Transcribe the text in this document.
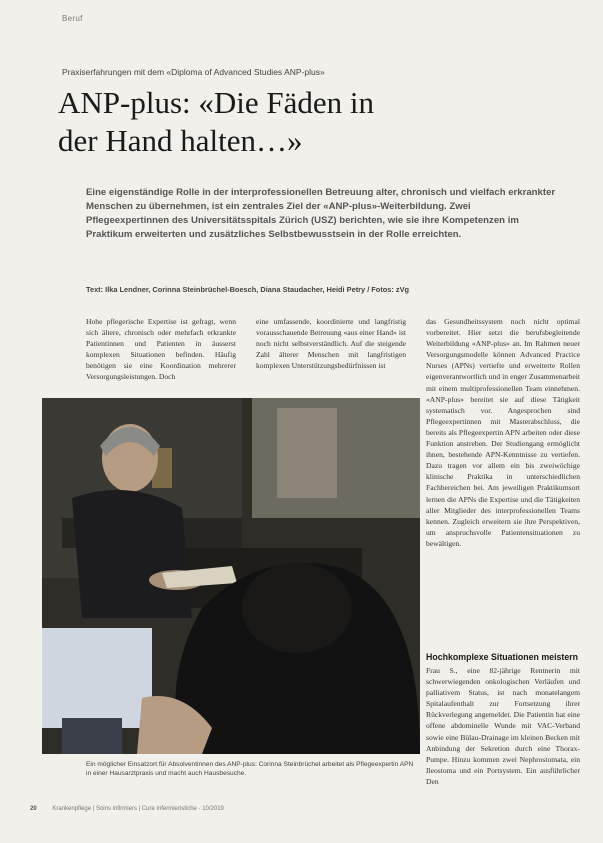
Beruf
Praxiserfahrungen mit dem «Diploma of Advanced Studies ANP-plus»
ANP-plus: «Die Fäden in
der Hand halten…»
Eine eigenständige Rolle in der interprofessionellen Betreuung alter, chronisch und vielfach erkrankter Menschen zu übernehmen, ist ein zentrales Ziel der «ANP-plus»-Weiterbildung. Zwei Pflegeexpertinnen des Universitätsspitals Zürich (USZ) berichten, wie sie ihre Kompetenzen im Praktikum erweiterten und zusätzliches Selbstbewusstsein in der Rolle erreichten.
Text: Ilka Lendner, Corinna Steinbrüchel-Boesch, Diana Staudacher, Heidi Petry / Fotos: zVg
Hohe pflegerische Expertise ist gefragt, wenn sich ältere, chronisch oder mehrfach erkrankte Patientinnen und Patienten in äusserst komplexen Situationen befinden. Häufig benötigen sie eine Koordination mehrerer Versorgungsleistungen. Doch
eine umfassende, koordinierte und langfristig vorausschauende Betreuung «aus einer Hand» ist noch nicht selbstverständlich. Auf die steigende Zahl älterer Menschen mit langfristigen komplexen Unterstützungsbedürfnissen ist
das Gesundheitssystem noch nicht optimal vorbereitet. Hier setzt die berufsbegleitende Weiterbildung «ANP-plus» an. Im Rahmen neuer Versorgungsmodelle können Advanced Practice Nurses (APNs) vertiefte und erweiterte Rollen eigenverantwortlich und in enger Zusammenarbeit mit einem multiprofessionellen Team einnehmen. «ANP-plus» bereitet sie auf diese Tätigkeit systematisch vor. Angesprochen sind Pflegeexpertinnen mit Masterabschluss, die bereits als Pflegeexpertin APN arbeiten oder diese Funktion anstreben. Der Studiengang ermöglicht ihnen, bestehende APN-Kenntnisse zu vertiefen. Dazu tragen vor allem ein bis zweiwöchige klinische Praktika in unterschiedlichen Fachbereichen bei. Am jeweiligen Praktikumsort lernen die APNs die Expertise und die Tätigkeiten aller Mitglieder des interprofessionellen Teams kennen. Zugleich erweitern sie ihre Perspektiven, um anspruchsvolle Patientensituationen zu bewältigen.

Hochkomplexe Situationen meistern

Frau S., eine 82-jährige Rentnerin mit schwerwiegenden onkologischen Verläufen und palliativem Status, ist nach monatelangem Spitalaufenthalt zur Fortsetzung ihrer Rückverlegung angemeldet. Die Patientin hat eine offene abdominelle Wunde mit VAC-Verband sowie eine Bülau-Drainage im kleinen Becken mit Anbindung der Sekretion durch eine Thorax-Pumpe. Hinzu kommen zwei Nephrostomata, ein Ileostoma und ein Portsystem. Ein ausführlicher Den
Ein möglicher Einsatzort für Absolventinnen des ANP-plus: Corinna Steinbrüchel arbeitet als Pflegeexpertin APN in einer Hausarztpraxis und macht auch Hausbesuche.
20	Krankenpflege | Soins infirmiers | Cure infermieristiche · 10/2019
